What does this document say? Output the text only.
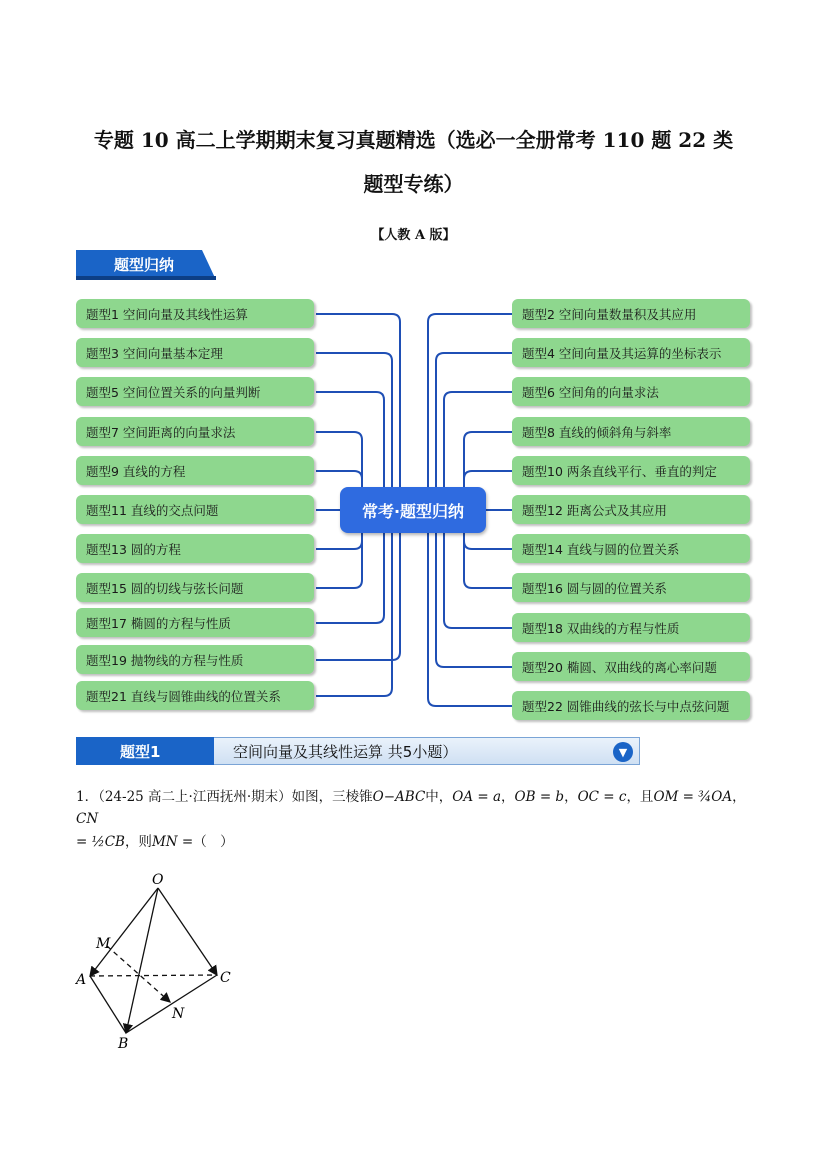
专题 10 高二上学期期末复习真题精选（选必一全册常考 110 题 22 类
题型专练）
【人教 A 版】
题型归纳
题型1 空间向量及其线性运算
题型3 空间向量基本定理
题型5 空间位置关系的向量判断
题型7 空间距离的向量求法
题型9 直线的方程
题型11 直线的交点问题
题型13 圆的方程
题型15 圆的切线与弦长问题
题型17 椭圆的方程与性质
题型19 抛物线的方程与性质
题型21 直线与圆锥曲线的位置关系
题型2 空间向量数量积及其应用
题型4 空间向量及其运算的坐标表示
题型6 空间角的向量求法
题型8 直线的倾斜角与斜率
题型10 两条直线平行、垂直的判定
题型12 距离公式及其应用
题型14 直线与圆的位置关系
题型16 圆与圆的位置关系
题型18 双曲线的方程与性质
题型20 椭圆、双曲线的离心率问题
题型22 圆锥曲线的弦长与中点弦问题
常考·题型归纳
空间向量及其线性运算 共5小题）	▼
题型1
1．（24-25 高二上·江西抚州·期末）如图，三棱锥O−ABC中，OA = a，OB = b，OC = c，且OM = ¾OA，CN
= ½CB，则MN =（　）
O
M
A	C
N
B
